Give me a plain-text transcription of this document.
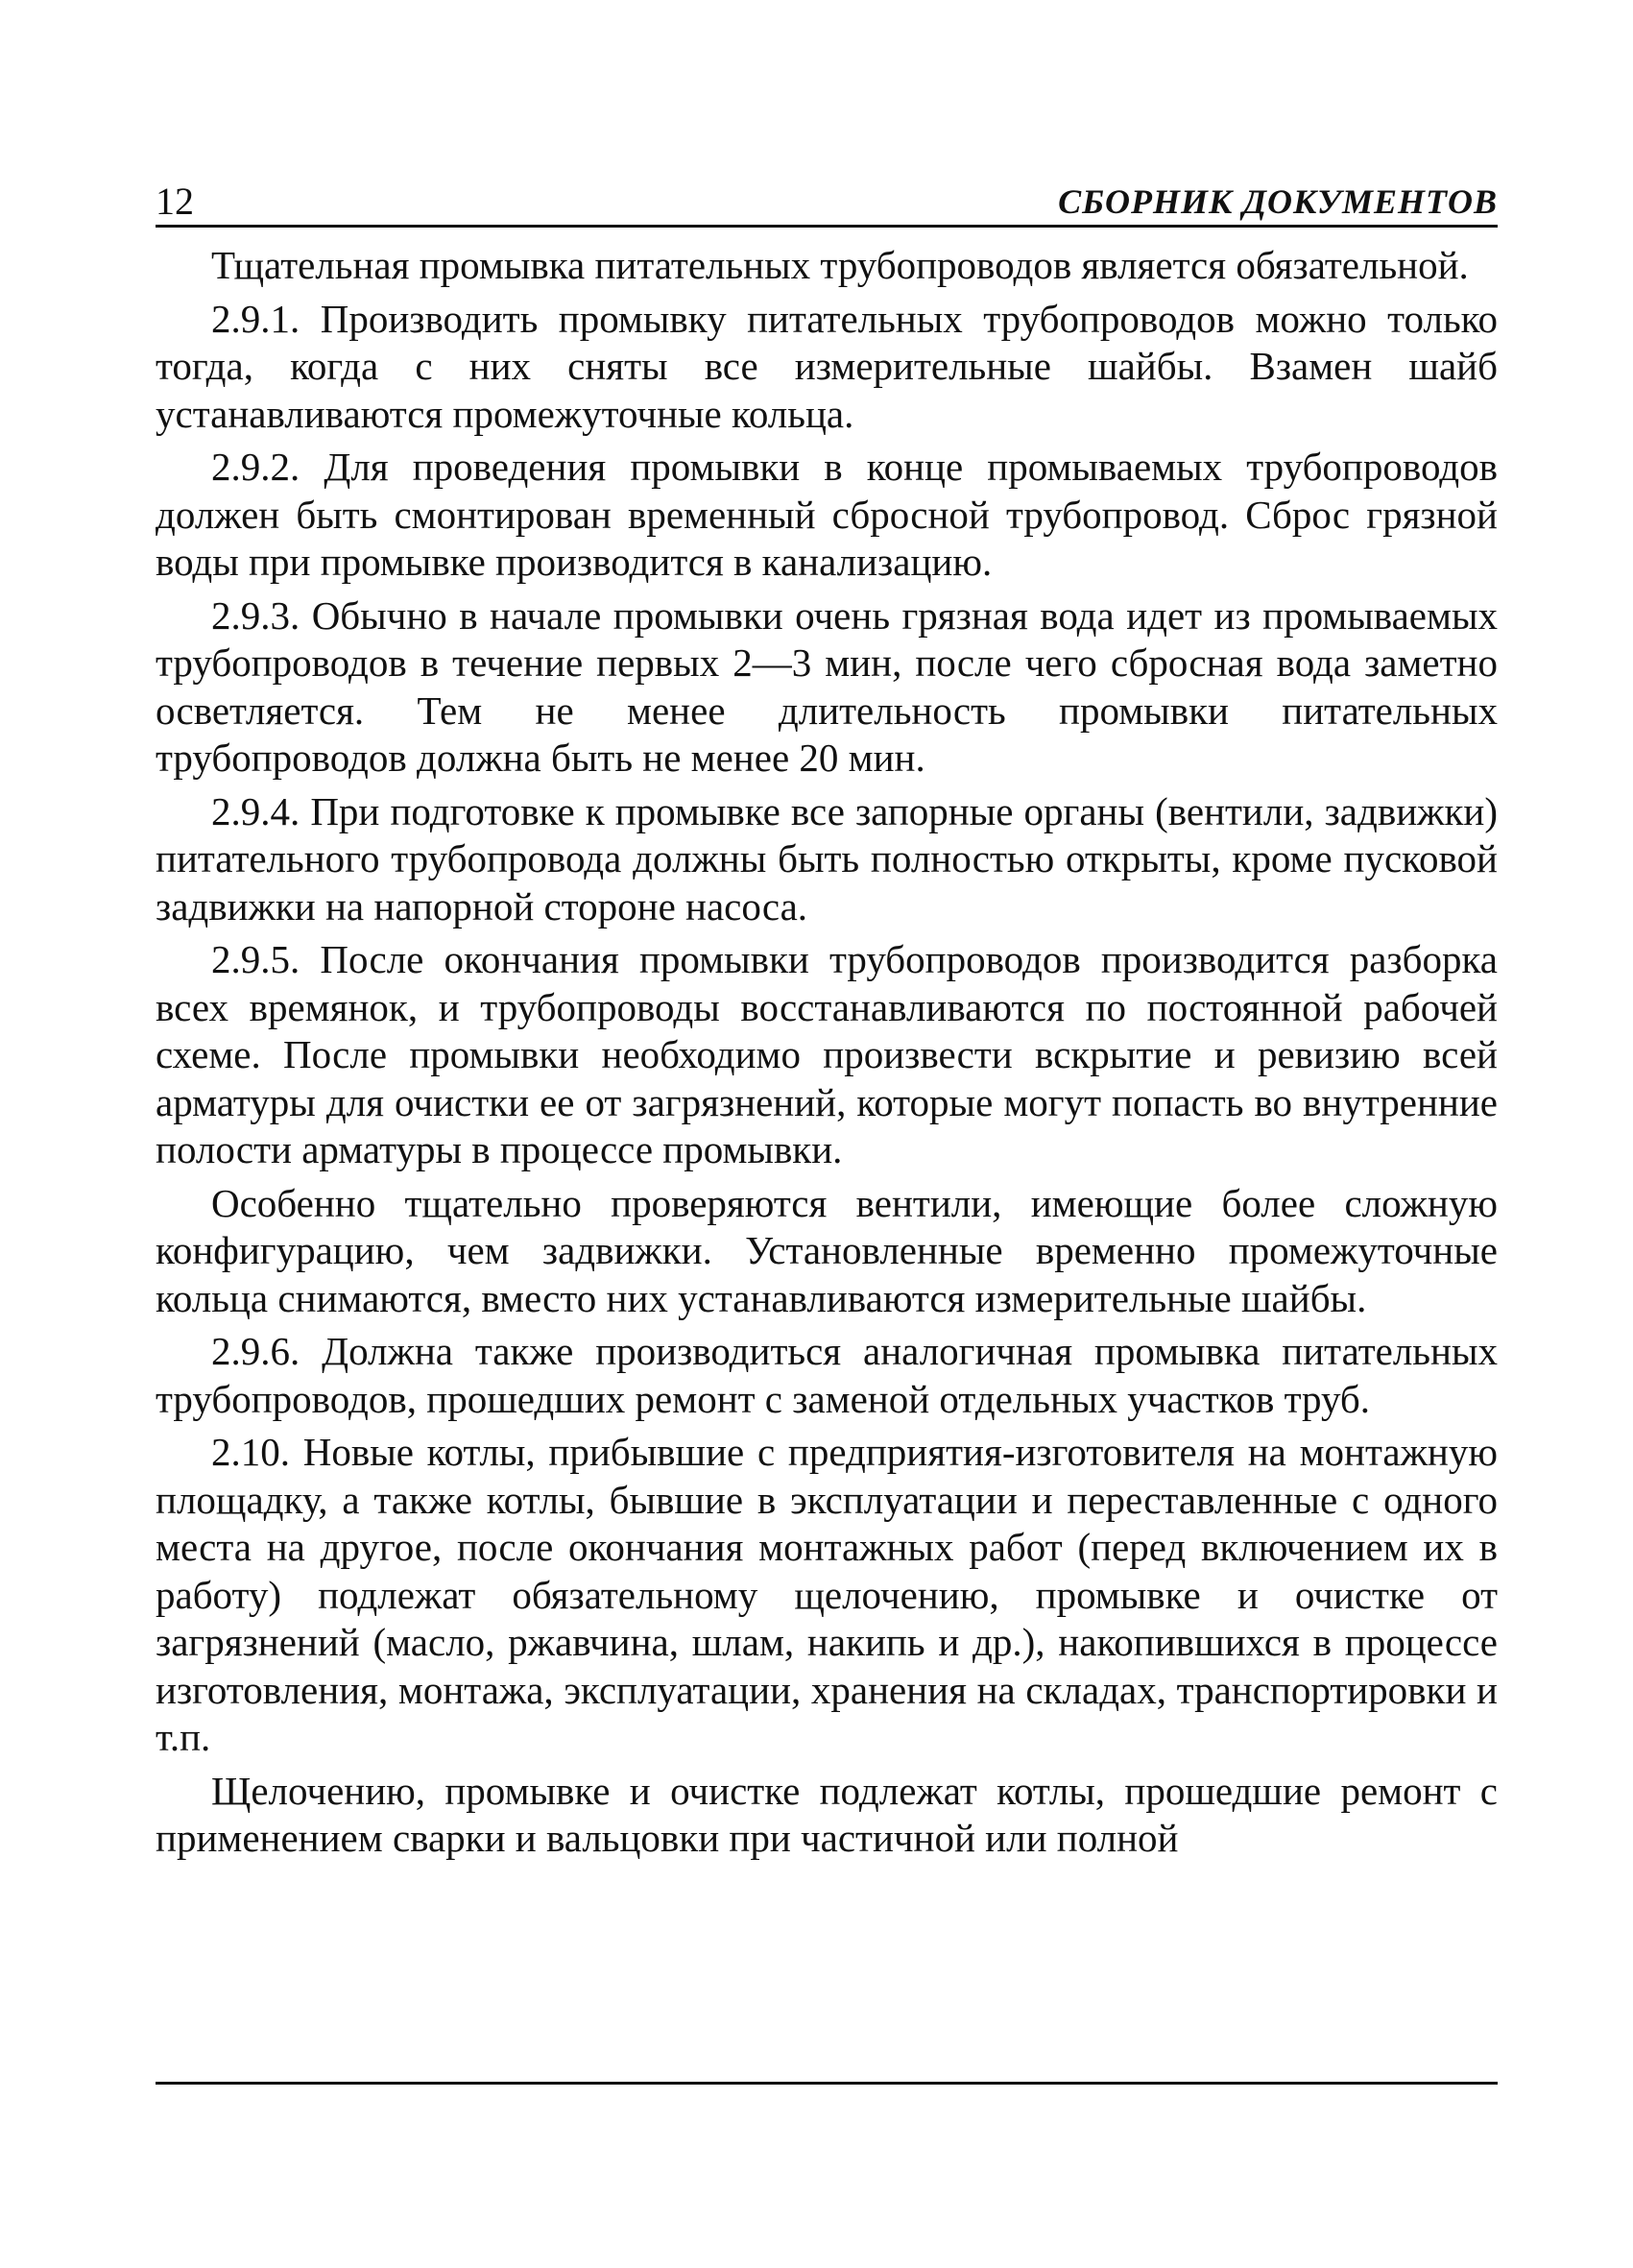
12	СБОРНИК ДОКУМЕНТОВ

Тщательная промывка питательных трубопроводов является обязательной.

2.9.1. Производить промывку питательных трубопроводов можно только тогда, когда с них сняты все измерительные шайбы. Взамен шайб устанавливаются промежуточные кольца.

2.9.2. Для проведения промывки в конце промываемых трубопроводов должен быть смонтирован временный сбросной трубопровод. Сброс грязной воды при промывке производится в канализацию.

2.9.3. Обычно в начале промывки очень грязная вода идет из промываемых трубопроводов в течение первых 2—3 мин, после чего сбросная вода заметно осветляется. Тем не менее длительность промывки питательных трубопроводов должна быть не менее 20 мин.

2.9.4. При подготовке к промывке все запорные органы (вентили, задвижки) питательного трубопровода должны быть полностью открыты, кроме пусковой задвижки на напорной стороне насоса.

2.9.5. После окончания промывки трубопроводов производится разборка всех времянок, и трубопроводы восстанавливаются по постоянной рабочей схеме. После промывки необходимо произвести вскрытие и ревизию всей арматуры для очистки ее от загрязнений, которые могут попасть во внутренние полости арматуры в процессе промывки.

Особенно тщательно проверяются вентили, имеющие более сложную конфигурацию, чем задвижки. Установленные временно промежуточные кольца снимаются, вместо них устанавливаются измерительные шайбы.

2.9.6. Должна также производиться аналогичная промывка питательных трубопроводов, прошедших ремонт с заменой отдельных участков труб.

2.10. Новые котлы, прибывшие с предприятия-изготовителя на монтажную площадку, а также котлы, бывшие в эксплуатации и переставленные с одного места на другое, после окончания монтажных работ (перед включением их в работу) подлежат обязательному щелочению, промывке и очистке от загрязнений (масло, ржавчина, шлам, накипь и др.), накопившихся в процессе изготовления, монтажа, эксплуатации, хранения на складах, транспортировки и т.п.

Щелочению, промывке и очистке подлежат котлы, прошедшие ремонт с применением сварки и вальцовки при частичной или полной
